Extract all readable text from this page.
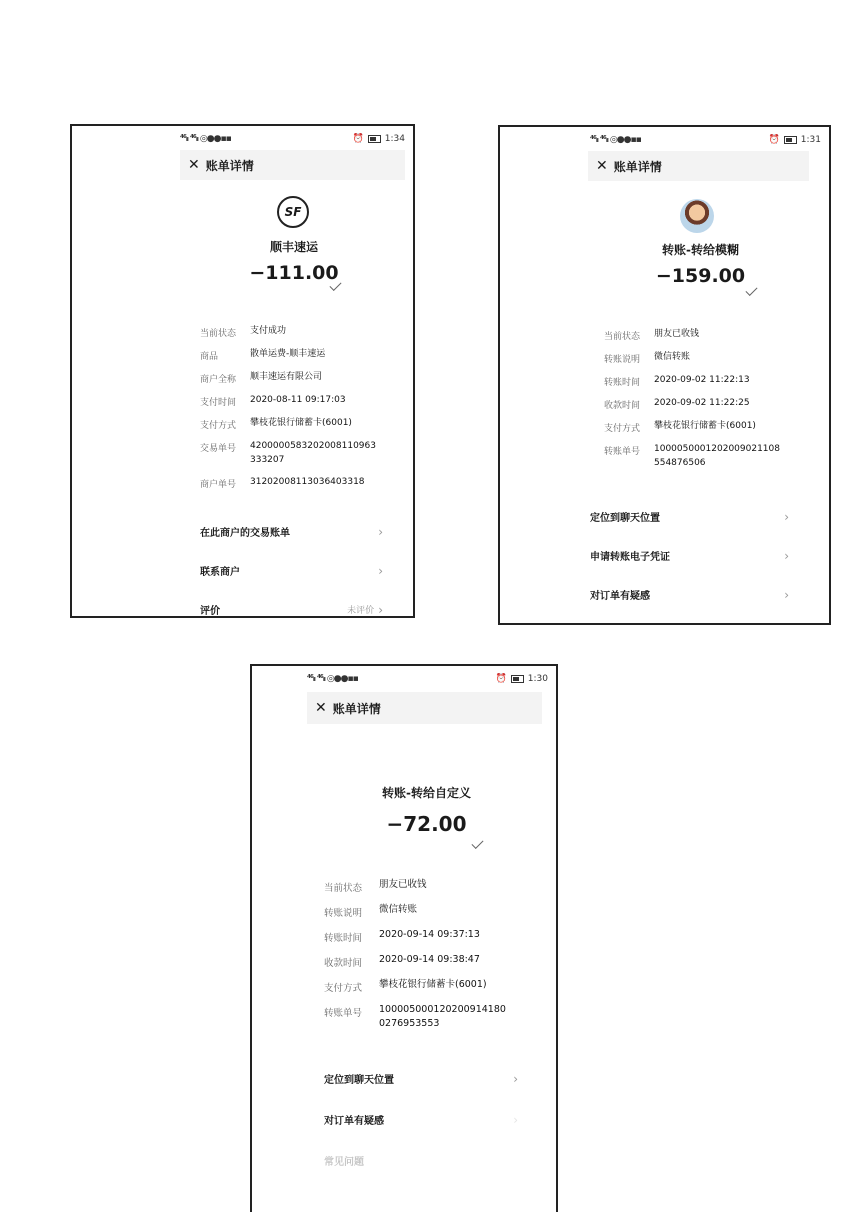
⁴⁶ᵢₗ ⁴⁶ᵢₗ ◎●●▪▪	⏰ 1:34
✕ 账单详情
SF
顺丰速运
−111.00
当前状态	支付成功
商品	散单运费-顺丰速运
商户全称	顺丰速运有限公司
支付时间	2020-08-11 09:17:03
支付方式	攀枝花银行储蓄卡(6001)
交易单号	4200000583202008110963333207
商户单号	31202008113036403318
在此商户的交易账单	›
联系商户	›
评价	未评价 ›
⁴⁶ᵢₗ ⁴⁶ᵢₗ ◎●●▪▪	⏰ 1:31
✕ 账单详情
转账-转给模糊
−159.00
当前状态	朋友已收钱
转账说明	微信转账
转账时间	2020-09-02 11:22:13
收款时间	2020-09-02 11:22:25
支付方式	攀枝花银行储蓄卡(6001)
转账单号	1000050001202009021108554876506
定位到聊天位置	›
申请转账电子凭证	›
对订单有疑感	›
⁴⁶ᵢₗ ⁴⁶ᵢₗ ◎●●▪▪	⏰ 1:30
✕ 账单详情
转账-转给自定义
−72.00
当前状态	朋友已收钱
转账说明	微信转账
转账时间	2020-09-14 09:37:13
收款时间	2020-09-14 09:38:47
支付方式	攀枝花银行储蓄卡(6001)
转账单号	1000050001202009141800276953553
定位到聊天位置	›
对订单有疑感	›
常见问题
